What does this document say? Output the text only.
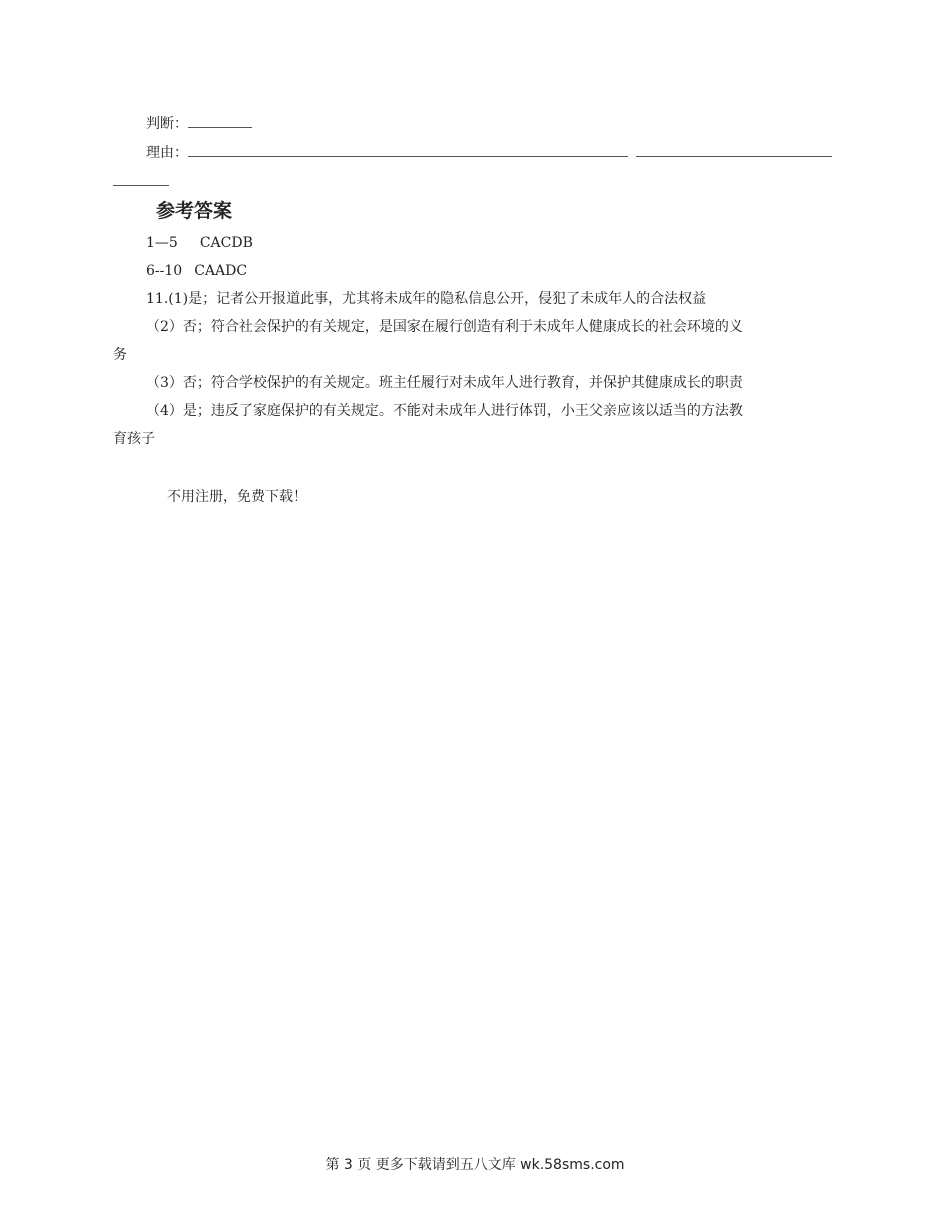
判断：
理由：
参考答案
1—5 CACDB
6--10 CAADC
11.(1)是；记者公开报道此事，尤其将未成年的隐私信息公开，侵犯了未成年人的合法权益
（2）否；符合社会保护的有关规定，是国家在履行创造有利于未成年人健康成长的社会环境的义
务
（3）否；符合学校保护的有关规定。班主任履行对未成年人进行教育，并保护其健康成长的职责
（4）是；违反了家庭保护的有关规定。不能对未成年人进行体罚，小王父亲应该以适当的方法教
育孩子
不用注册，免费下载！
第 3 页 更多下载请到五八文库 wk.58sms.com
